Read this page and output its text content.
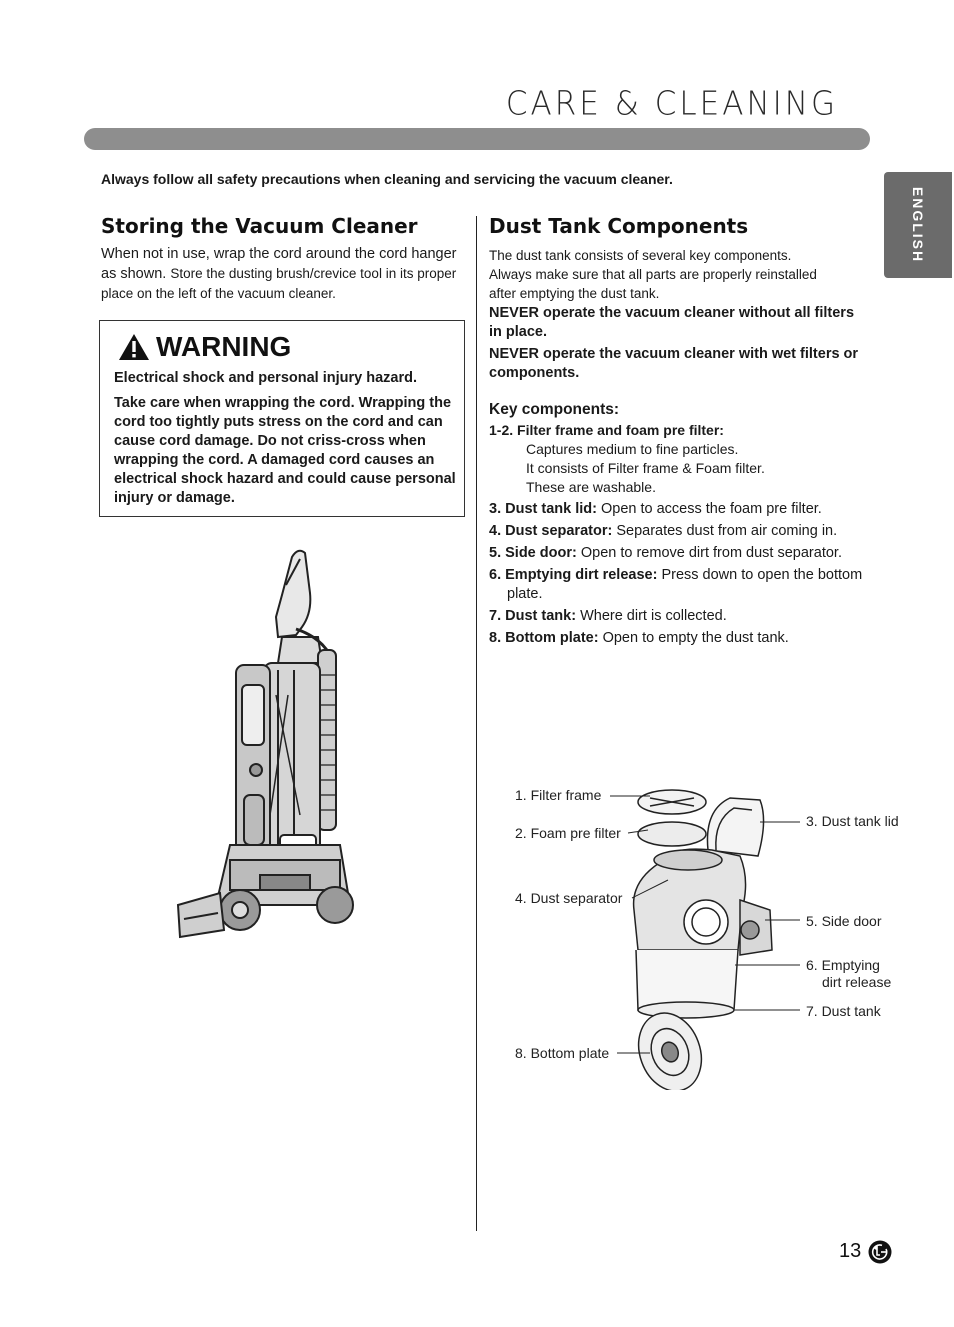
CARE & CLEANING
ENGLISH
Always follow all safety precautions when cleaning and servicing the vacuum cleaner.
Storing the Vacuum Cleaner
When not in use, wrap the cord around the cord hanger as shown. Store the dusting brush/crevice tool in its proper place on the left of the vacuum cleaner.
WARNING

Electrical shock and personal injury hazard.

Take care when wrapping the cord. Wrapping the cord too tightly puts stress on the cord and can cause cord damage. Do not criss-cross when wrapping the cord. A damaged cord causes an electrical shock hazard and could cause personal injury or damage.

Dust Tank Components
The dust tank consists of several key components. Always make sure that all parts are properly reinstalled after emptying the dust tank.
NEVER operate the vacuum cleaner without all filters in place.
NEVER operate the vacuum cleaner with wet filters or components.
Key components:
1-2. Filter frame and foam pre filter:
Captures medium to fine particles.
It consists of Filter frame & Foam filter.
These are washable.
3. Dust tank lid: Open to access the foam pre filter.
4. Dust separator: Separates dust from air coming in.
5. Side door: Open to remove dirt from dust separator.
6. Emptying dirt release: Press down to open the bottom plate.
7. Dust tank: Where dirt is collected.
8. Bottom plate: Open to empty the dust tank.
1. Filter frame
2. Foam pre filter
4. Dust separator
3. Dust tank lid
5. Side door
6. Emptying
dirt release
7. Dust tank
8. Bottom plate
13
